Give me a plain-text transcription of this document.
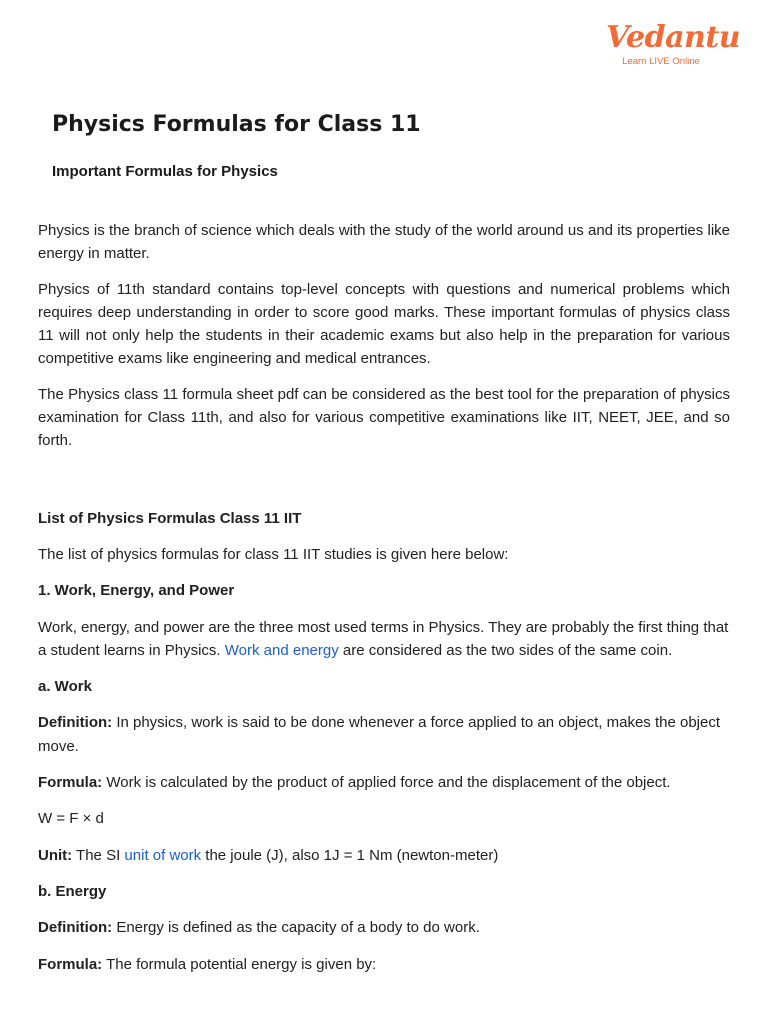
Vedantu
Learn LIVE Online
Physics Formulas for Class 11
Important Formulas for Physics

Physics is the branch of science which deals with the study of the world around us and its properties like energy in matter.

Physics of 11th standard contains top-level concepts with questions and numerical problems which requires deep understanding in order to score good marks. These important formulas of physics class 11 will not only help the students in their academic exams but also help in the preparation for various competitive exams like engineering and medical entrances.

The Physics class 11 formula sheet pdf can be considered as the best tool for the preparation of physics examination for Class 11th, and also for various competitive examinations like IIT, NEET, JEE, and so forth.

List of Physics Formulas Class 11 IIT

The list of physics formulas for class 11 IIT studies is given here below:

1. Work, Energy, and Power

Work, energy, and power are the three most used terms in Physics. They are probably the first thing that a student learns in Physics. Work and energy are considered as the two sides of the same coin.

a. Work

Definition: In physics, work is said to be done whenever a force applied to an object, makes the object move.

Formula: Work is calculated by the product of applied force and the displacement of the object.

W = F × d

Unit: The SI unit of work the joule (J), also 1J = 1 Nm (newton-meter)

b. Energy

Definition: Energy is defined as the capacity of a body to do work.

Formula: The formula potential energy is given by:
